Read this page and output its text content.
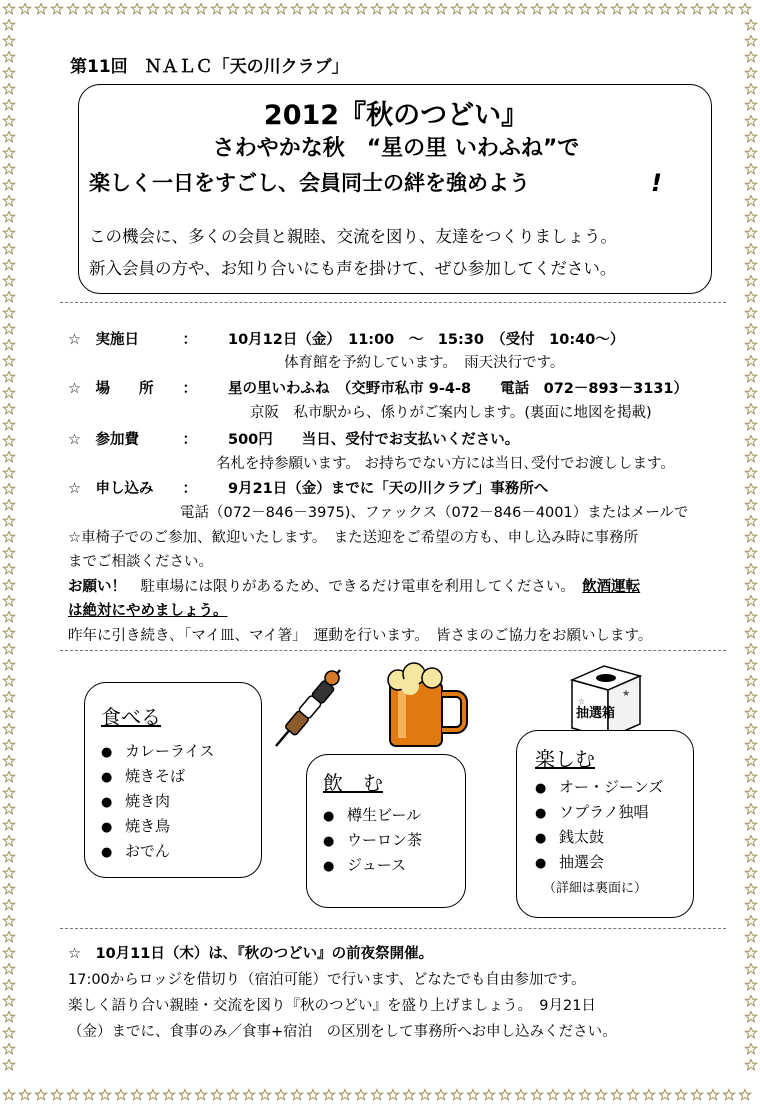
第11回　ＮＡＬＣ「天の川クラブ」
2012『秋のつどい』
さわやかな秋　“星の里 いわふね”で
楽しく一日をすごし、会員同士の絆を強めよう	!
この機会に、多くの会員と親睦、交流を図り、友達をつくりましょう。
新入会員の方や、お知り合いにも声を掛けて、ぜひ参加してください。
☆　実施日　　　： 10月12日（金）　11:00　～　15:30　（受付　10:40～）
体育館を予約しています。　雨天決行です。
☆　場　　所　　： 星の里いわふね　（交野市私市 9-4-8　　電話　072－893－3131）
京阪　私市駅から、係りがご案内します。(裏面に地図を掲載)
☆　参加費　　　： 500円　　当日、受付でお支払いください。
名札を持参願います。 お持ちでない方には当日､受付でお渡しします。
☆　申し込み　　： 9月21日（金）までに「天の川クラブ」事務所へ
電話（072－846－3975)、ファックス（072－846－4001）またはメールで
☆車椅子でのご参加、歓迎いたします。　また送迎をご希望の方も、申し込み時に事務所
までご相談ください。
お願い！　駐車場には限りがあるため、できるだけ電車を利用してください。　飲酒運転
は絶対にやめましょう。
昨年に引き続き､「マイ皿、マイ箸」　運動を行います。　皆さまのご協力をお願いします。
★
☆
抽選箱
食べる
● カレーライス
● 焼きそば
● 焼き肉
● 焼き鳥
● おでん
飲　む
● 樽生ビール
● ウーロン茶
● ジュース
楽しむ
● オー・ジーンズ
● ソプラノ独唱
● 銭太鼓
● 抽選会
（詳細は裏面に）
☆　10月11日（木）は､『秋のつどい』の前夜祭開催。
17:00からロッジを借切り（宿泊可能）で行います、どなたでも自由参加です。
楽しく語り合い親睦・交流を図り『秋のつどい』を盛り上げましょう。　9月21日
（金）までに、食事のみ／食事+宿泊　の区別をして事務所へお申し込みください。
